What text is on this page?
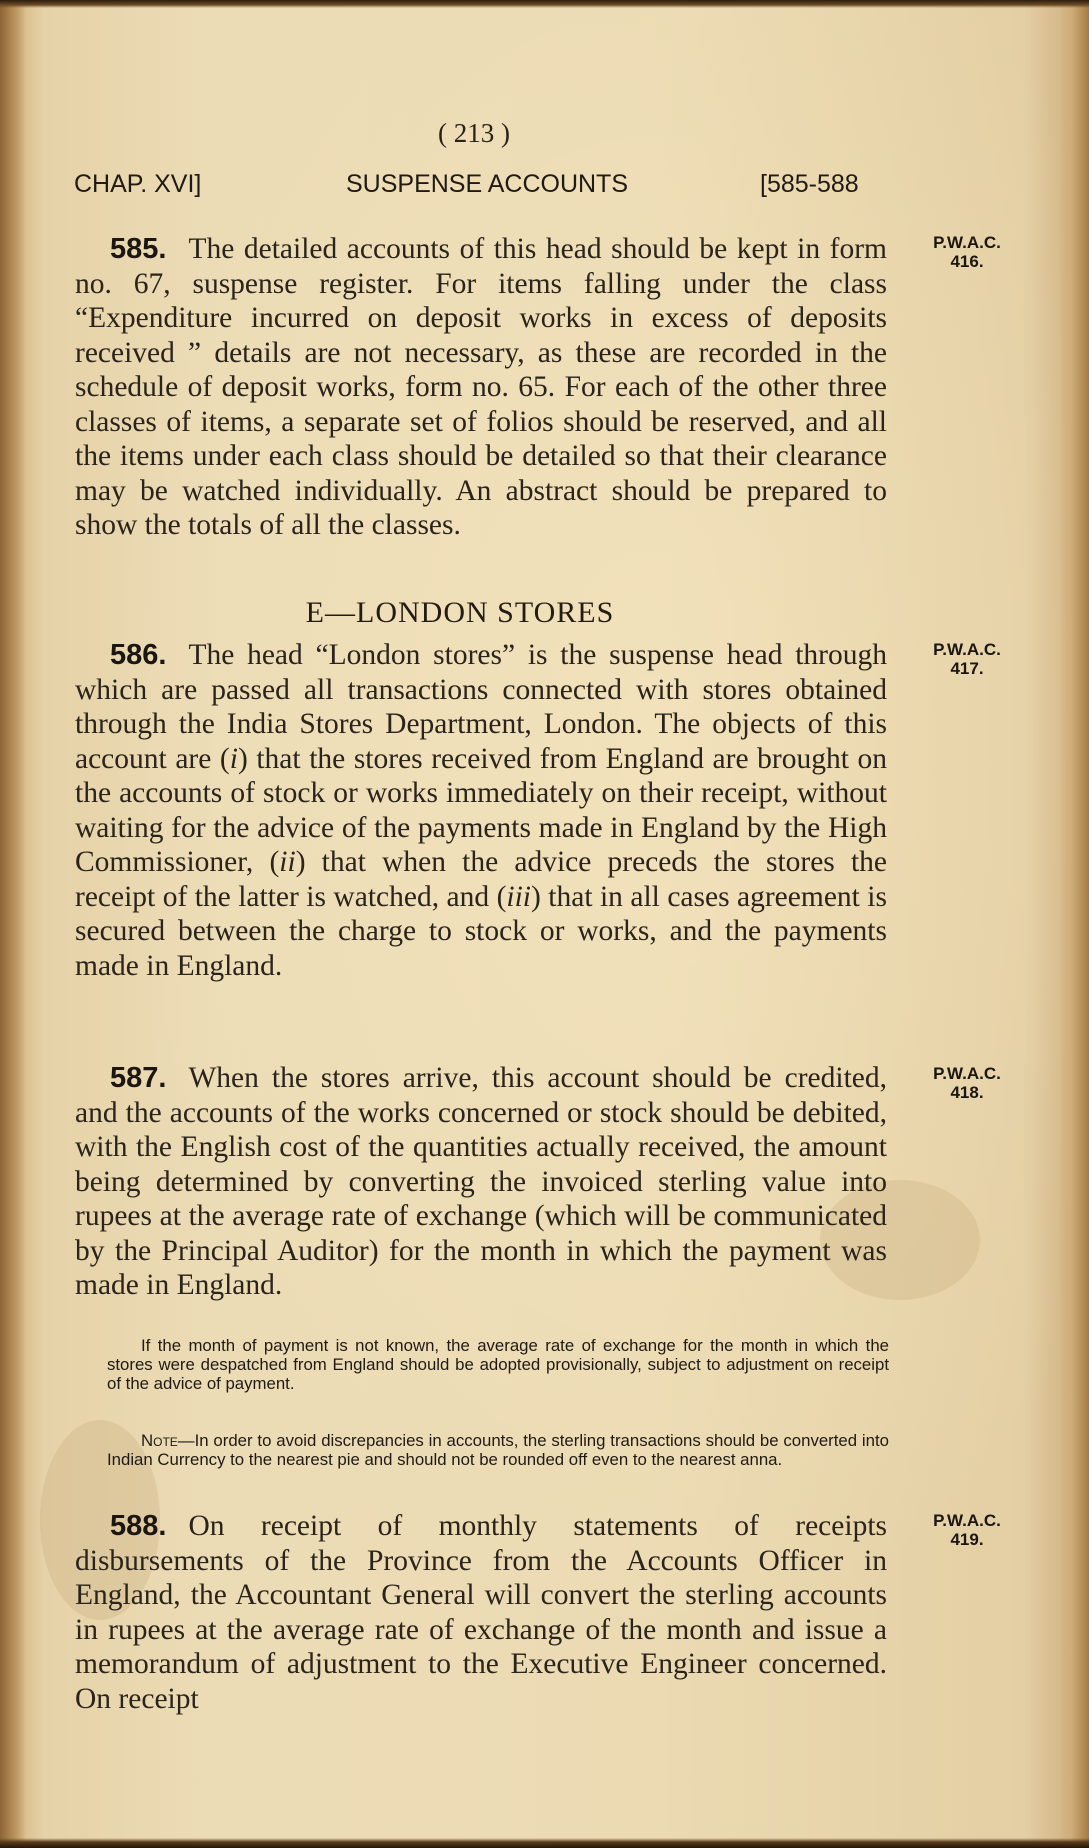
( 213 )
CHAP. XVI]	SUSPENSE ACCOUNTS	[585-588

585. The detailed accounts of this head should be kept in form no. 67, suspense register. For items falling under the class “Expenditure incurred on deposit works in excess of deposits received ” details are not necessary, as these are recorded in the schedule of deposit works, form no. 65. For each of the other three classes of items, a separate set of folios should be reserved, and all the items under each class should be detailed so that their clearance may be watched individually. An abstract should be prepared to show the totals of all the classes.

P.W.A.C.
416.
E—LONDON STORES

586. The head “London stores” is the suspense head through which are passed all transactions connected with stores obtained through the India Stores Department, London. The objects of this account are (i) that the stores received from England are brought on the accounts of stock or works immediately on their receipt, without waiting for the advice of the payments made in England by the High Commissioner, (ii) that when the advice preceds the stores the receipt of the latter is watched, and (iii) that in all cases agreement is secured between the charge to stock or works, and the payments made in England.

P.W.A.C.
417.

587. When the stores arrive, this account should be credited, and the accounts of the works concerned or stock should be debited, with the English cost of the quantities actually received, the amount being determined by converting the invoiced sterling value into rupees at the average rate of exchange (which will be communicated by the Principal Auditor) for the month in which the payment was made in England.

P.W.A.C.
418.

If the month of payment is not known, the average rate of exchange for the month in which the stores were despatched from England should be adopted provisionally, subject to adjustment on receipt of the advice of payment.

Note—In order to avoid discrepancies in accounts, the sterling transactions should be converted into Indian Currency to the nearest pie and should not be rounded off even to the nearest anna.

588. On receipt of monthly statements of receipts disbursements of the Province from the Accounts Officer in England, the Accountant General will convert the sterling accounts in rupees at the average rate of exchange of the month and issue a memorandum of adjustment to the Executive Engineer concerned. On receipt

P.W.A.C.
419.
